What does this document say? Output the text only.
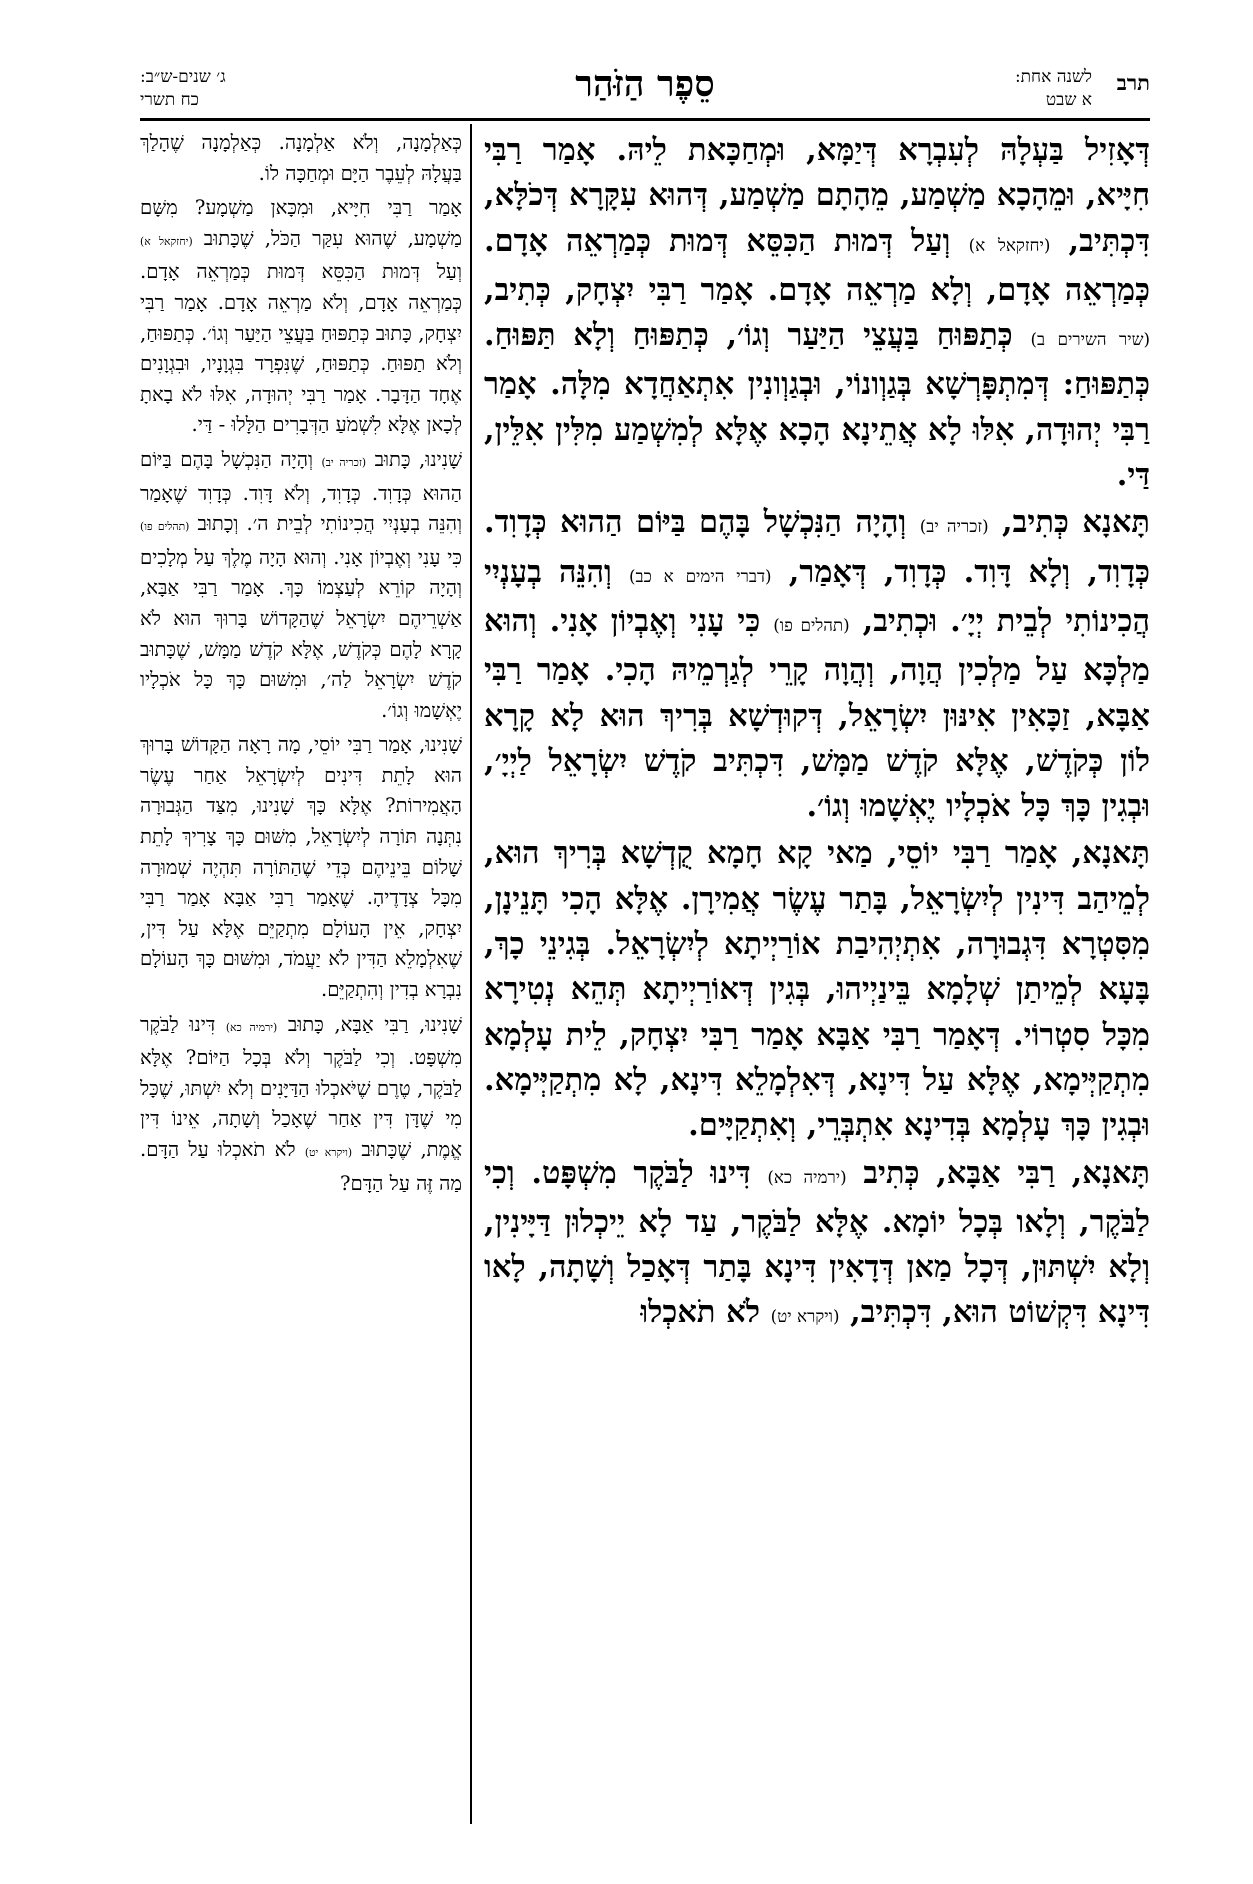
תרב
לשנה אחת:
א שבט
סֵפֶר הַזֹּהַר
ג׳ שנים-ש״ב:
כח תשרי

דְּאָזִיל בַּעְלָהּ לְעִבְרָא דְּיַמָּא, וּמְחַכָּאת לֵיהּ. אָמַר רַבִּי חִיָּיא, וּמֵהָכָא מַשְׁמַע, מֵהָתָם מַשְׁמַע, דְּהוּא עִקָּרָא דְּכֹלָּא, דִּכְתִּיב, (יחזקאל א) וְעַל דְּמוּת הַכִּסֵּא דְּמוּת כְּמַרְאֵה אָדָם. כְּמַרְאֵה אָדָם, וְלָא מַרְאֵה אָדָם. אָמַר רַבִּי יִצְחָק, כְּתִיב, (שיר השירים ב) כְּתַפּוּחַ בַּעֲצֵי הַיַּעַר וְגוֹ׳, כְּתַפּוּחַ וְלָא תַּפּוּחַ. כְּתַפּוּחַ: דְּמִתְפָּרְשָׁא בְּגַוְונוֹי, וּבְגַוְונִין אִתְאַחֲדָא מִלָּה. אָמַר רַבִּי יְהוּדָה, אִלּוּ לָא אֲתֵינָא הָכָא אֶלָּא לְמִשְׁמַע מִלִּין אִלֵּין, דַּי.

תָּאנָא כְּתִיב, (זכריה יב) וְהָיָה הַנִּכְשָׁל בָּהֶם בַּיּוֹם הַהוּא כְּדָוִד. כְּדָוִד, וְלָא דָּוִד. כְּדָוִד, דְּאָמַר, (דברי הימים א כב) וְהִנֵּה בְעָנְיִי הֲכִינוֹתִי לְבֵית יְיָ׳. וּכְתִיב, (תהלים פו) כִּי עָנִי וְאֶבְיוֹן אָנִי. וְהוּא מַלְכָּא עַל מַלְכִין הֲוָה, וְהֲוָה קָרֵי לְגַרְמֵיהּ הָכִי. אָמַר רַבִּי אַבָּא, זַכָּאִין אִינּוּן יִשְׂרָאֵל, דְּקוּדְשָׁא בְּרִיךְ הוּא לָא קָרָא לוֹן כְּקֹדֶשׁ, אֶלָּא קֹדֶשׁ מַמָּשׁ, דִּכְתִּיב קֹדֶשׁ יִשְׂרָאֵל לַיְיָ׳, וּבְגִין כָּךְ כָּל אֹכְלָיו יֶאְשָׁמוּ וְגוֹ׳.

תָּאנָא, אָמַר רַבִּי יוֹסֵי, מַאי קָא חָמָא קֻדְשָׁא בְּרִיךְ הוּא, לְמֵיהַב דִּינִין לְיִשְׂרָאֵל, בָּתַר עֶשֶׂר אֲמִירָן. אֶלָּא הָכִי תָּנֵינָן, מִסִּטְרָא דִּגְבוּרָה, אִתְיְהִיבַת אוֹרַיְיתָא לְיִשְׂרָאֵל. בְּגִינֵי כָךְ, בָּעָא לְמֵיתַן שְׁלָמָא בֵּינַיְיהוּ, בְּגִין דְּאוֹרַיְיתָא תְּהֵא נְטִירָא מִכָּל סִטְרוֹי. דְּאָמַר רַבִּי אַבָּא אָמַר רַבִּי יִצְחָק, לֵית עָלְמָא מִתְקַיְּימָא, אֶלָּא עַל דִּינָא, דְּאִלְמָלֵא דִּינָא, לָא מִתְקַיְּימָא. וּבְגִין כָּךְ עָלְמָא בְּדִינָא אִתְבְּרֵי, וְאִתְקַיָּים.

תָּאנָא, רַבִּי אַבָּא, כְּתִיב (ירמיה כא) דִּינוּ לַבֹּקֶר מִשְׁפָּט. וְכִי לַבֹּקֶר, וְלָאו בְּכָל יוֹמָא. אֶלָּא לַבֹּקֶר, עַד לָא יֵיכְלוּן דַּיָּינִין, וְלָא יִשְׁתּוּן, דְּכָל מַאן דְּדָאִין דִּינָא בָּתַר דְּאָכַל וְשָׁתָה, לָאו דִּינָא דִּקְשׁוֹט הוּא, דִּכְתִּיב, (ויקרא יט) לֹא תֹאכְלוּ

כְּאַלְמָנָה, וְלֹא אַלְמָנָה. כְּאַלְמָנָה שֶׁהָלַךְ בַּעֲלָהּ לְעֵבֶר הַיָּם וּמְחַכָּה לוֹ.

אָמַר רַבִּי חִיָּיא, וּמִכָּאן מַשְׁמָע? מִשָּׁם מַשְׁמָע, שֶׁהוּא עִקַּר הַכֹּל, שֶׁכָּתוּב (יחזקאל א) וְעַל דְּמוּת הַכִּסֵּא דְּמוּת כְּמַרְאֵה אָדָם. כְּמַרְאֵה אָדָם, וְלֹא מַרְאֵה אָדָם. אָמַר רַבִּי יִצְחָק, כָּתוּב כְּתַפּוּחַ בַּעֲצֵי הַיַּעַר וְגוֹ׳. כְּתַפּוּחַ, וְלֹא תַפּוּחַ. כְּתַפּוּחַ, שֶׁנִּפְרָד בִּגְוָנָיו, וּבִגְוָנִים אֶחָד הַדָּבָר. אָמַר רַבִּי יְהוּדָה, אִלּוּ לֹא בָאתָ לְכָאן אֶלָּא לִשְׁמֹעַ הַדְּבָרִים הַלָּלוּ - דַּי.

שָׁנִינוּ, כָּתוּב (זכריה יב) וְהָיָה הַנִּכְשָׁל בָּהֶם בַּיּוֹם הַהוּא כְּדָוִד. כְּדָוִד, וְלֹא דָּוִד. כְּדָוִד שֶׁאָמַר וְהִנֵּה בְעָנְיִי הֲכִינוֹתִי לְבֵית ה׳. וְכָתוּב (תהלים פו) כִּי עָנִי וְאֶבְיוֹן אָנִי. וְהוּא הָיָה מֶלֶךְ עַל מְלָכִים וְהָיָה קוֹרֵא לְעַצְמוֹ כָּךְ. אָמַר רַבִּי אַבָּא, אַשְׁרֵיהֶם יִשְׂרָאֵל שֶׁהַקָּדוֹשׁ בָּרוּךְ הוּא לֹא קָרָא לָהֶם כְּקֹדֶשׁ, אֶלָּא קֹדֶשׁ מַמָּשׁ, שֶׁכָּתוּב קֹדֶשׁ יִשְׂרָאֵל לַה׳, וּמִשּׁוּם כָּךְ כָּל אֹכְלָיו יֶאְשָׁמוּ וְגוֹ׳.

שָׁנִינוּ, אָמַר רַבִּי יוֹסֵי, מָה רָאָה הַקָּדוֹשׁ בָּרוּךְ הוּא לָתֵת דִּינִים לְיִשְׂרָאֵל אַחַר עֶשֶׂר הָאֲמִירוֹת? אֶלָּא כָּךְ שָׁנִינוּ, מִצַּד הַגְּבוּרָה נִתְּנָה תּוֹרָה לְיִשְׂרָאֵל, מִשּׁוּם כָּךְ צָרִיךְ לָתֵת שָׁלוֹם בֵּינֵיהֶם כְּדֵי שֶׁהַתּוֹרָה תִּהְיֶה שְׁמוּרָה מִכָּל צְדָדֶיהָ. שֶׁאָמַר רַבִּי אַבָּא אָמַר רַבִּי יִצְחָק, אֵין הָעוֹלָם מִתְקַיֵּם אֶלָּא עַל דִּין, שֶׁאִלְמָלֵא הַדִּין לֹא יַעֲמֹד, וּמִשּׁוּם כָּךְ הָעוֹלָם נִבְרָא בְדִין וְהִתְקַיֵּם.

שָׁנִינוּ, רַבִּי אַבָּא, כָּתוּב (ירמיה כא) דִּינוּ לַבֹּקֶר מִשְׁפָּט. וְכִי לַבֹּקֶר וְלֹא בְּכָל הַיּוֹם? אֶלָּא לַבֹּקֶר, טֶרֶם שֶׁיֹּאכְלוּ הַדַּיָּנִים וְלֹא יִשְׁתּוּ, שֶׁכָּל מִי שֶׁדָּן דִּין אַחַר שֶׁאָכַל וְשָׁתָה, אֵינוֹ דִּין אֱמֶת, שֶׁכָּתוּב (ויקרא יט) לֹא תֹאכְלוּ עַל הַדָּם. מַה זֶּה עַל הַדָּם?
